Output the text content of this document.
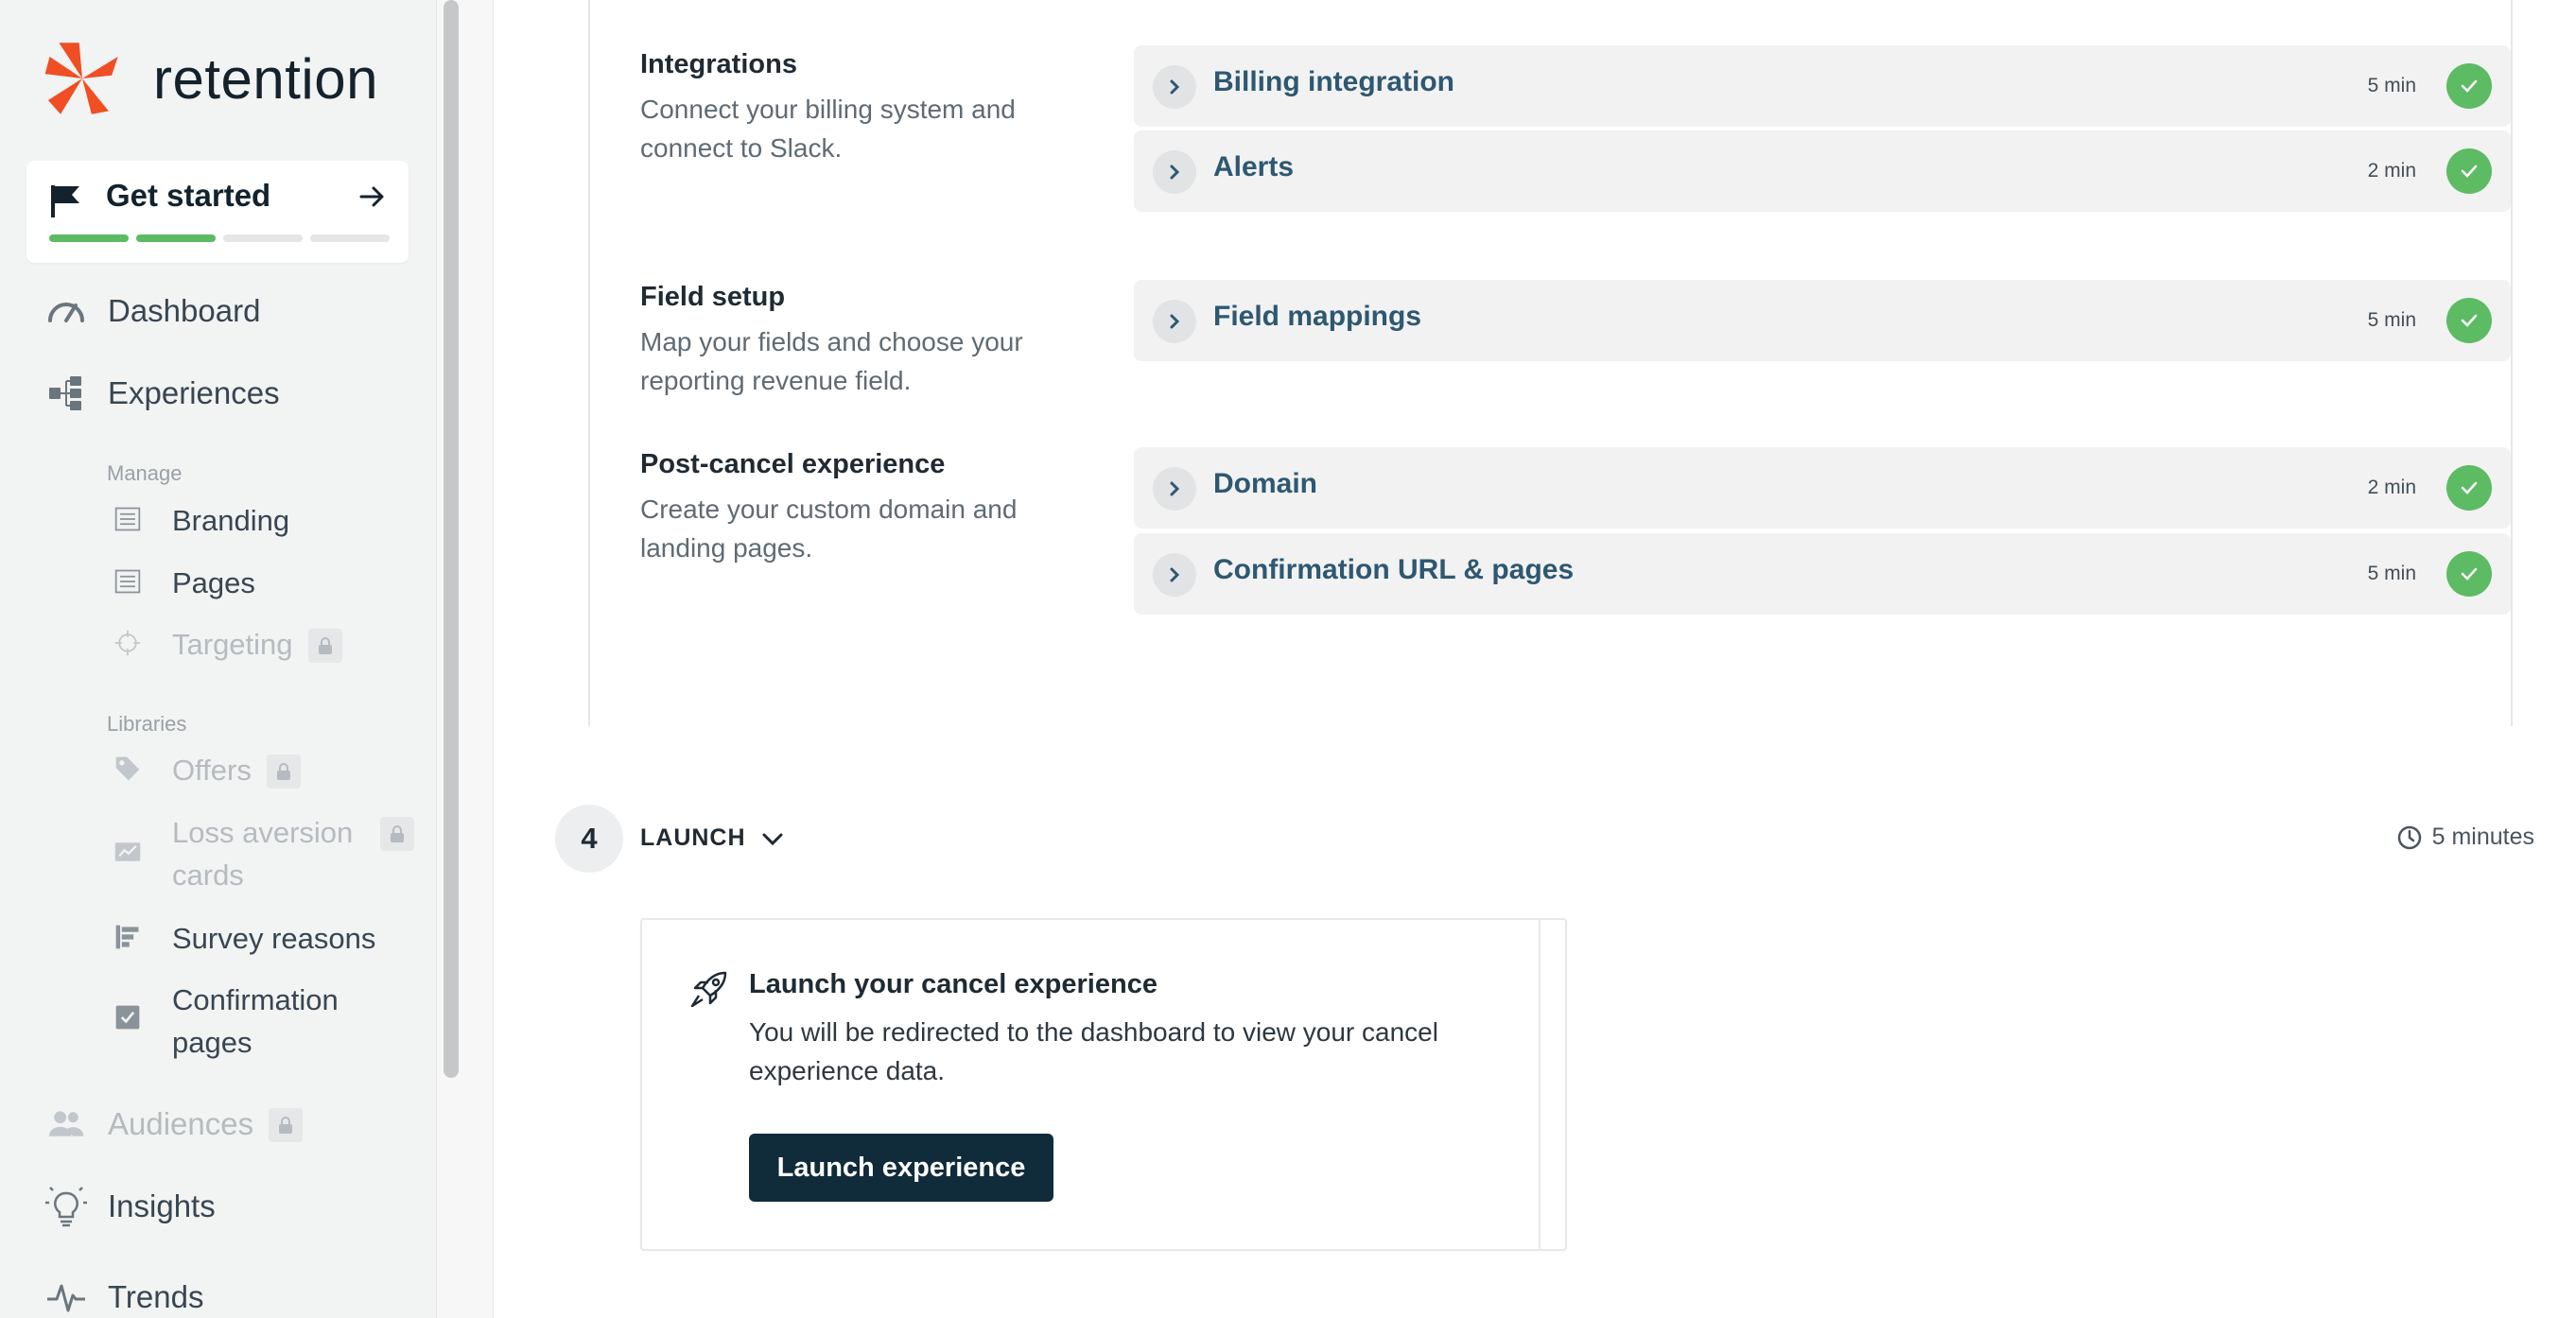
retention
Get started
Dashboard
Experiences
Manage
Branding
Pages
Targeting
Libraries
Offers
Loss aversion cards
Survey reasons
Confirmation pages
Audiences
Insights
Trends
Integrations
Connect your billing system and connect to Slack.
Billing integration	5 min
Alerts	2 min
Field setup
Map your fields and choose your reporting revenue field.
Field mappings	5 min
Post-cancel experience
Create your custom domain and landing pages.
Domain	2 min
Confirmation URL & pages	5 min
4	LAUNCH	5 minutes
Launch your cancel experience
You will be redirected to the dashboard to view your cancel experience data.
Launch experience
